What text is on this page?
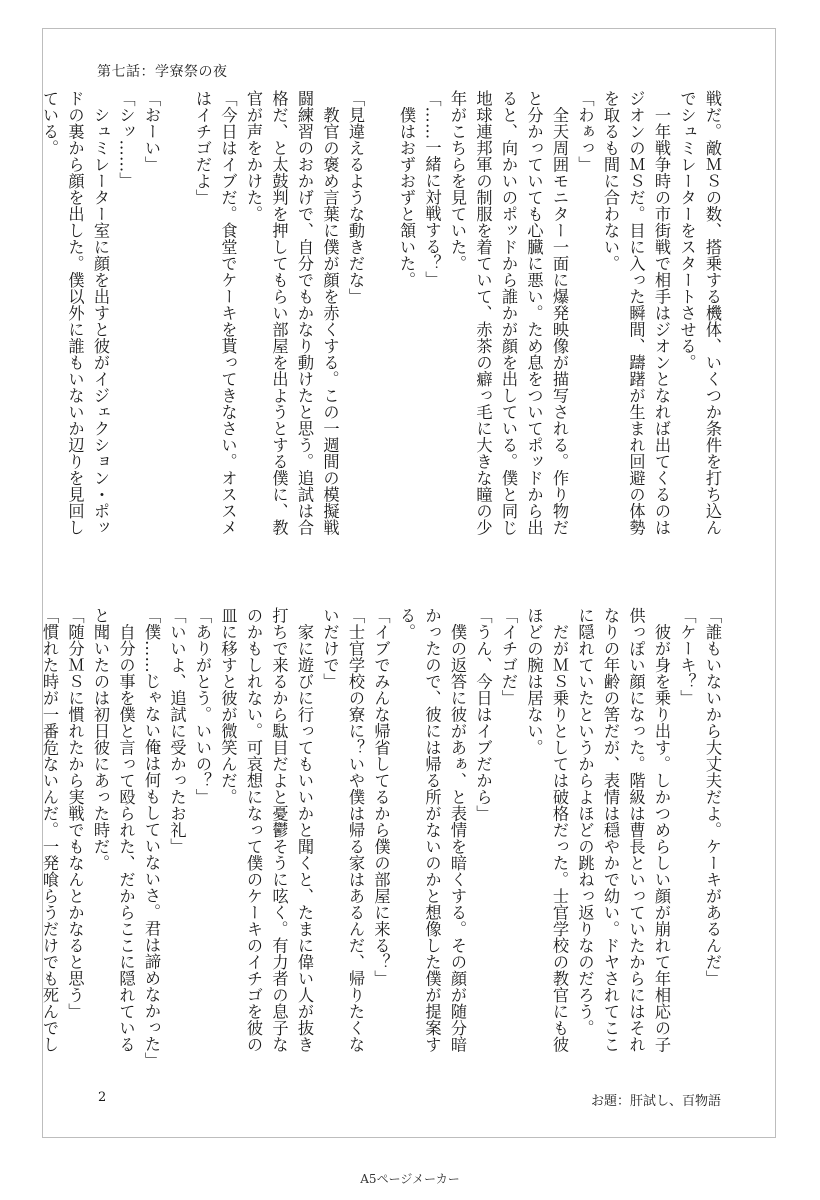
第七話：学寮祭の夜
戦だ。敵ＭＳの数、搭乗する機体、いくつか条件を打ち込ん
でシュミレーターをスタートさせる。
　一年戦争時の市街戦で相手はジオンとなれば出てくるのは
ジオンのＭＳだ。目に入った瞬間、躊躇が生まれ回避の体勢
を取るも間に合わない。
「わぁっ」
　全天周囲モニター一面に爆発映像が描写される。作り物だ
と分かっていても心臓に悪い。ため息をついてポッドから出
ると、向かいのポッドから誰かが顔を出している。僕と同じ
地球連邦軍の制服を着ていて、赤茶の癖っ毛に大きな瞳の少
年がこちらを見ていた。
「……一緒に対戦する？」
　僕はおずおずと頷いた。
「見違えるような動きだな」
　教官の褒め言葉に僕が顔を赤くする。この一週間の模擬戦
闘練習のおかげで、自分でもかなり動けたと思う。追試は合
格だ、と太鼓判を押してもらい部屋を出ようとする僕に、教
官が声をかけた。
「今日はイブだ。食堂でケーキを貰ってきなさい。オススメ
はイチゴだよ」
「おーい」
「シッ……」
　シュミレーター室に顔を出すと彼がイジェクション・ポッ
ドの裏から顔を出した。僕以外に誰もいないか辺りを見回し
ている。
「誰もいないから大丈夫だよ。ケーキがあるんだ」
「ケーキ？」
　彼が身を乗り出す。しかつめらしい顔が崩れて年相応の子
供っぽい顔になった。階級は曹長といっていたからにはそれ
なりの年齢の筈だが、表情は穏やかで幼い。ドヤされてここ
に隠れていたというからよほどの跳ねっ返りなのだろう。
　だがＭＳ乗りとしては破格だった。士官学校の教官にも彼
ほどの腕は居ない。
「イチゴだ」
「うん、今日はイブだから」
　僕の返答に彼があぁ、と表情を暗くする。その顔が随分暗
かったので、彼には帰る所がないのかと想像した僕が提案す
る。
「イブでみんな帰省してるから僕の部屋に来る？」
「士官学校の寮に？いや僕は帰る家はあるんだ、帰りたくな
いだけで」
　家に遊びに行ってもいいかと聞くと、たまに偉い人が抜き
打ちで来るから駄目だよと憂鬱そうに呟く。有力者の息子な
のかもしれない。可哀想になって僕のケーキのイチゴを彼の
皿に移すと彼が微笑んだ。
「ありがとう。いいの？」
「いいよ、追試に受かったお礼」
「僕……じゃない俺は何もしていないさ。君は諦めなかった」
　自分の事を僕と言って殴られた、だからここに隠れている
と聞いたのは初日彼にあった時だ。
「随分ＭＳに慣れたから実戦でもなんとかなると思う」
「慣れた時が一番危ないんだ。一発喰らうだけでも死んでし
2	お題：肝試し、百物語
A5ページメーカー
